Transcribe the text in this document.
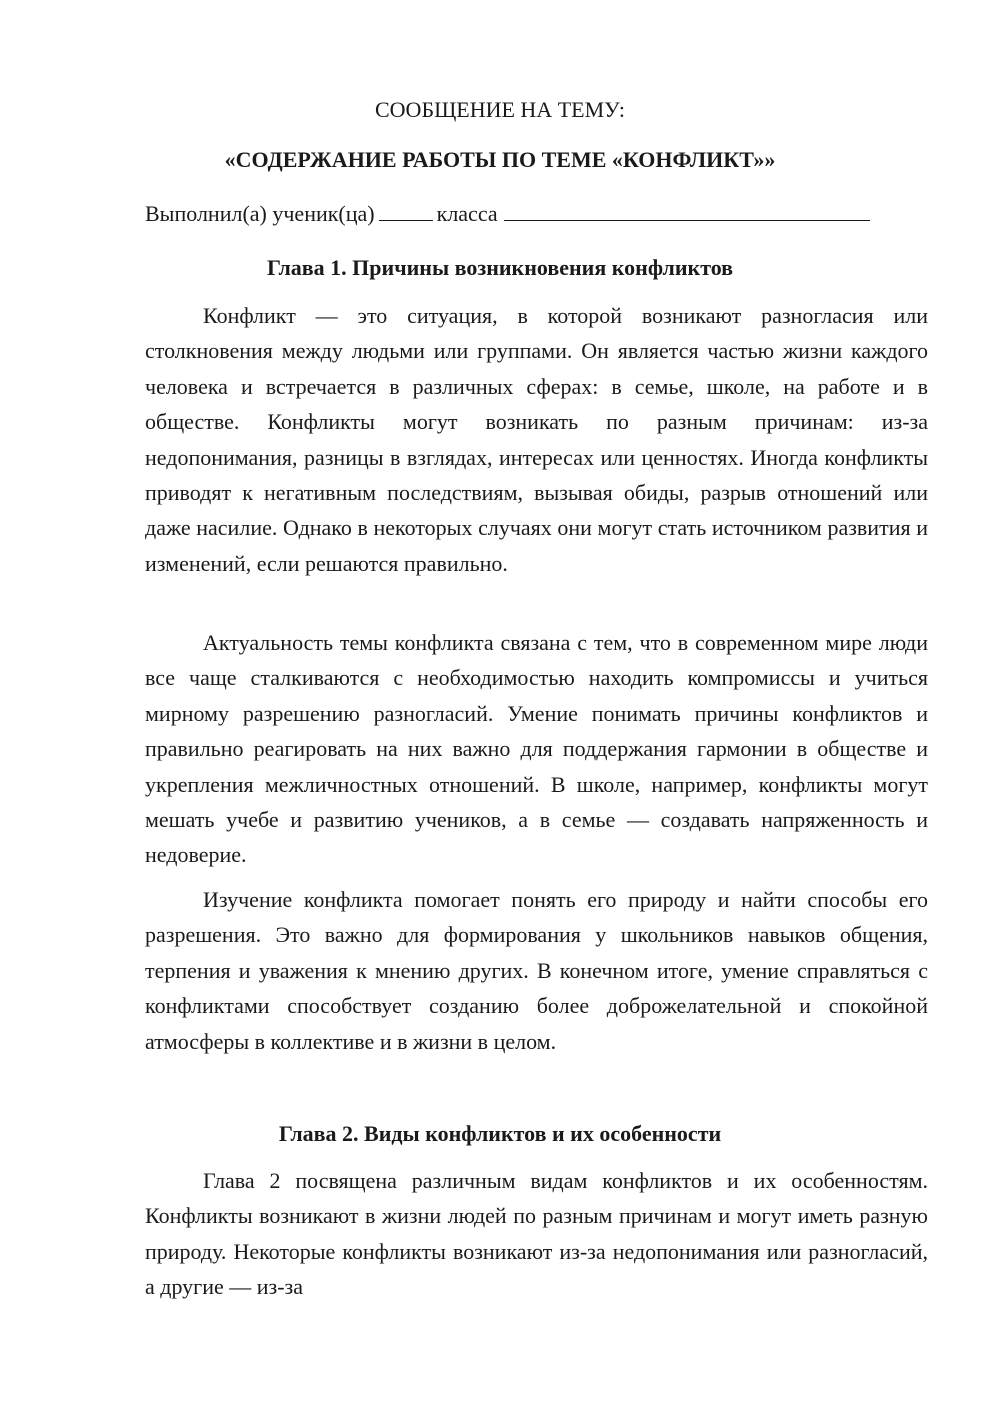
СООБЩЕНИЕ НА ТЕМУ:
«СОДЕРЖАНИЕ РАБОТЫ ПО ТЕМЕ «КОНФЛИКТ»»
Выполнил(а) ученик(ца)	класса
Глава 1. Причины возникновения конфликтов

Конфликт — это ситуация, в которой возникают разногласия или столкновения между людьми или группами. Он является частью жизни каждого человека и встречается в различных сферах: в семье, школе, на работе и в обществе. Конфликты могут возникать по разным причинам: из-за недопонимания, разницы в взглядах, интересах или ценностях. Иногда конфликты приводят к негативным последствиям, вызывая обиды, разрыв отношений или даже насилие. Однако в некоторых случаях они могут стать источником развития и изменений, если решаются правильно.

Актуальность темы конфликта связана с тем, что в современном мире люди все чаще сталкиваются с необходимостью находить компромиссы и учиться мирному разрешению разногласий. Умение понимать причины конфликтов и правильно реагировать на них важно для поддержания гармонии в обществе и укрепления межличностных отношений. В школе, например, конфликты могут мешать учебе и развитию учеников, а в семье — создавать напряженность и недоверие.

Изучение конфликта помогает понять его природу и найти способы его разрешения. Это важно для формирования у школьников навыков общения, терпения и уважения к мнению других. В конечном итоге, умение справляться с конфликтами способствует созданию более доброжелательной и спокойной атмосферы в коллективе и в жизни в целом.

Глава 2. Виды конфликтов и их особенности

Глава 2 посвящена различным видам конфликтов и их особенностям. Конфликты возникают в жизни людей по разным причинам и могут иметь разную природу. Некоторые конфликты возникают из-за недопонимания или разногласий, а другие — из-за
